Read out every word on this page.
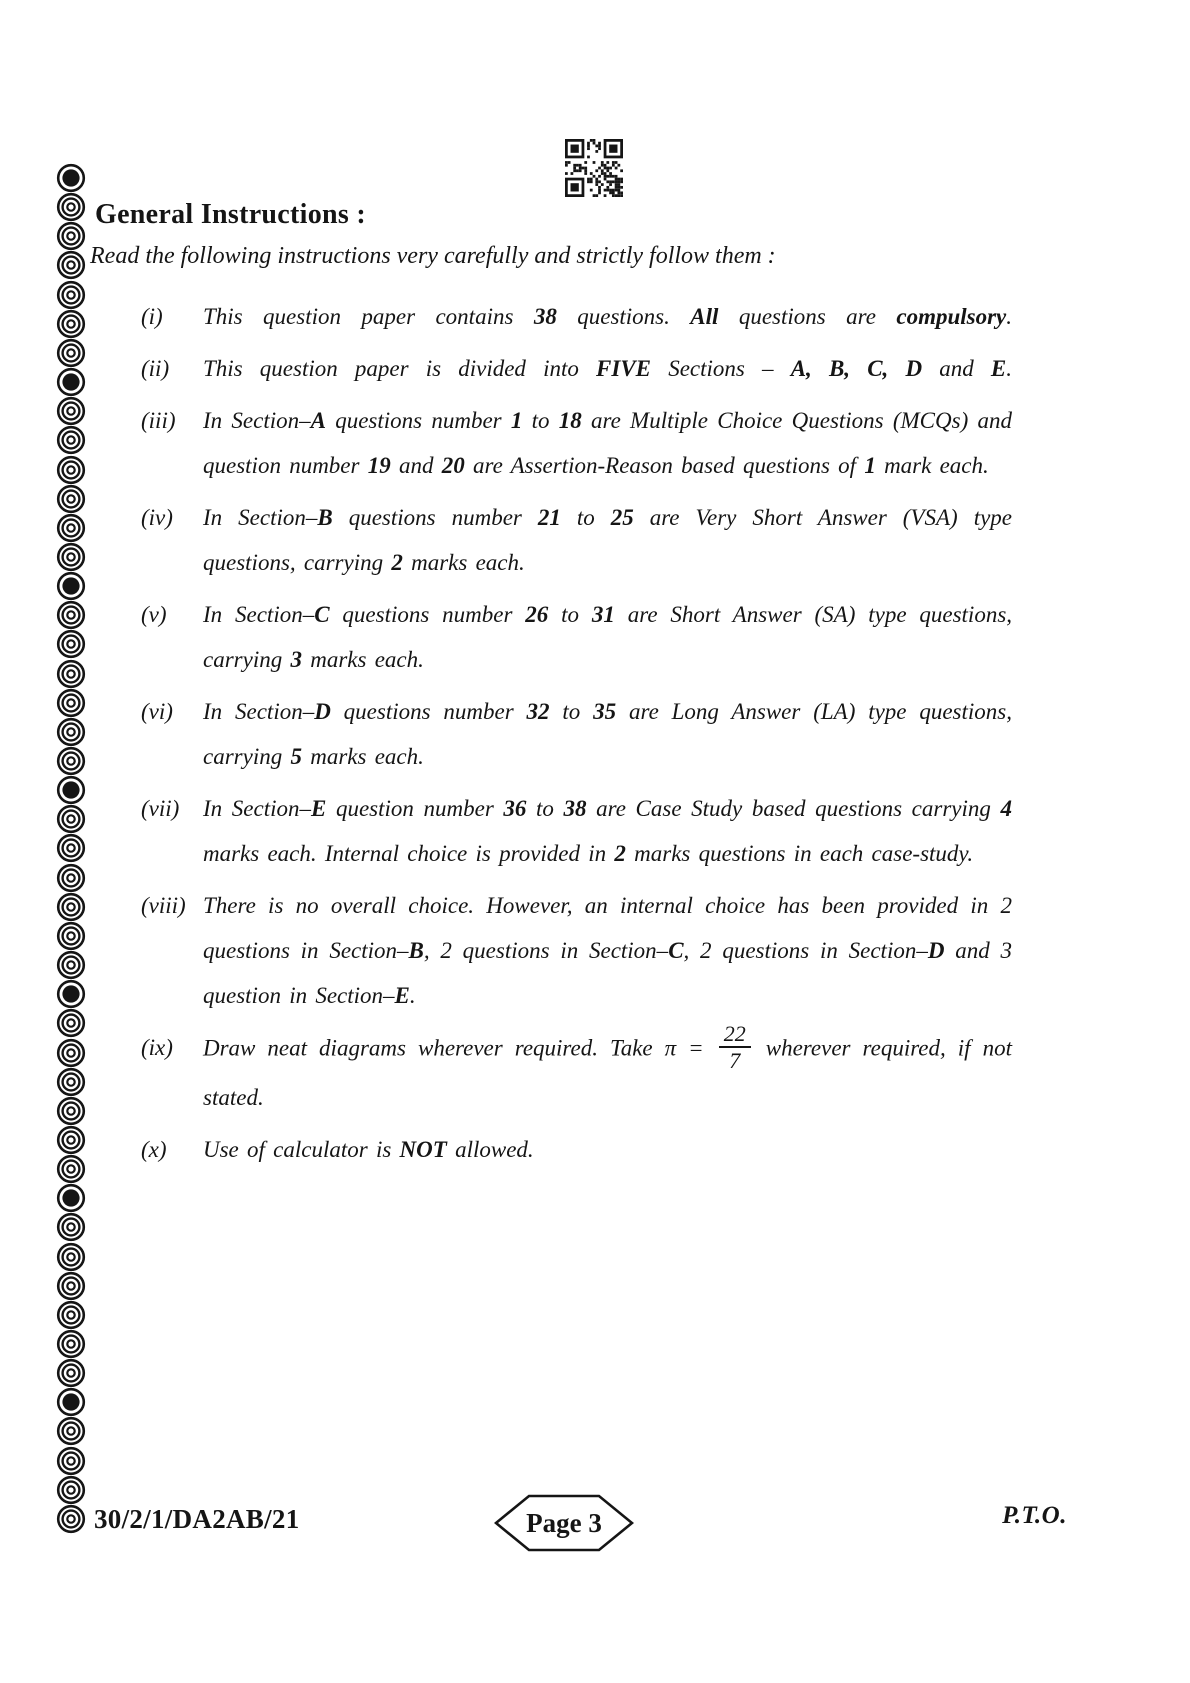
General Instructions :
Read the following instructions very carefully and strictly follow them :
(i)	This question paper contains 38 questions. All questions are compulsory.
(ii)	This question paper is divided into FIVE Sections – A, B, C, D and E.
(iii)	In Section–A questions number 1 to 18 are Multiple Choice Questions (MCQs) and question number 19 and 20 are Assertion-Reason based questions of 1 mark each.
(iv)	In Section–B questions number 21 to 25 are Very Short Answer (VSA) type questions, carrying 2 marks each.
(v)	In Section–C questions number 26 to 31 are Short Answer (SA) type questions, carrying 3 marks each.
(vi)	In Section–D questions number 32 to 35 are Long Answer (LA) type questions, carrying 5 marks each.
(vii)	In Section–E question number 36 to 38 are Case Study based questions carrying 4 marks each. Internal choice is provided in 2 marks questions in each case-study.
(viii) There is no overall choice. However, an internal choice has been provided in 2 questions in Section–B, 2 questions in Section–C, 2 questions in Section–D and 3 question in Section–E.
(ix)	Draw neat diagrams wherever required. Take $\pi = \frac{22}{7}$ wherever required, if not stated.
(x)	Use of calculator is NOT allowed.
30/2/1/DA2AB/21	Page 3	P.T.O.
